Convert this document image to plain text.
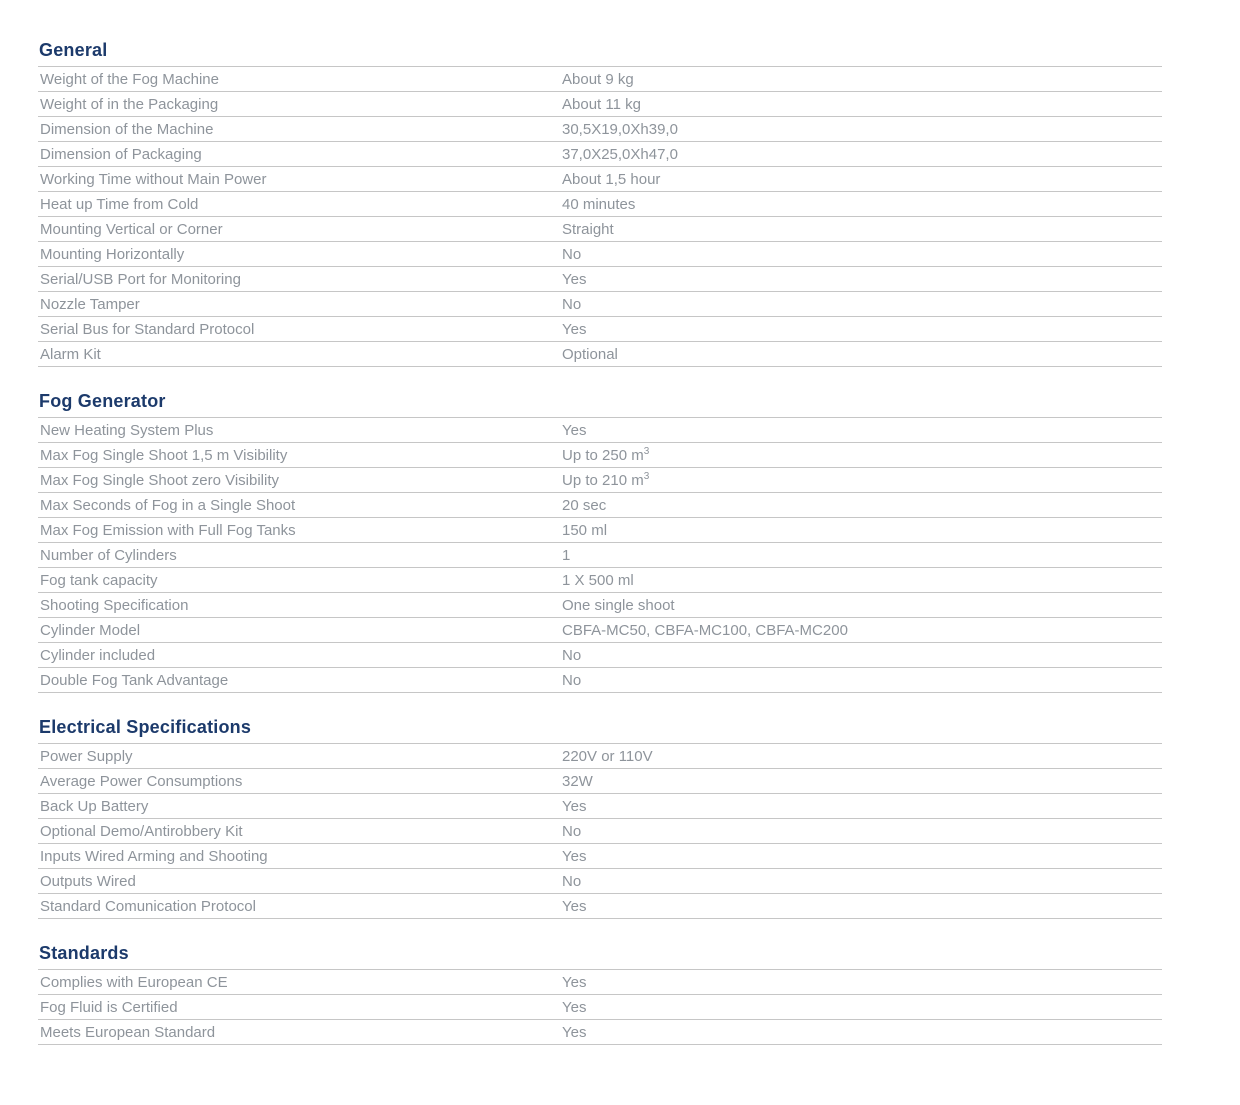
General
Weight of the Fog Machine	About 9 kg
Weight of in the Packaging	About 11 kg
Dimension of the Machine	30,5X19,0Xh39,0
Dimension of Packaging	37,0X25,0Xh47,0
Working Time without Main Power	About 1,5 hour
Heat up Time from Cold	40 minutes
Mounting Vertical or Corner	Straight
Mounting Horizontally	No
Serial/USB Port for Monitoring	Yes
Nozzle Tamper	No
Serial Bus for Standard Protocol	Yes
Alarm Kit	Optional
Fog Generator
New Heating System Plus	Yes
Max Fog Single Shoot 1,5 m Visibility	Up to 250 $m^3$
Max Fog Single Shoot zero Visibility	Up to 210 $m^3$
Max Seconds of Fog in a Single Shoot	20 sec
Max Fog Emission with Full Fog Tanks	150 ml
Number of Cylinders	1
Fog tank capacity	1 X 500 ml
Shooting Specification	One single shoot
Cylinder Model	CBFA-MC50, CBFA-MC100, CBFA-MC200
Cylinder included	No
Double Fog Tank Advantage	No
Electrical Specifications
Power Supply	220V or 110V
Average Power Consumptions	32W
Back Up Battery	Yes
Optional Demo/Antirobbery Kit	No
Inputs Wired Arming and Shooting	Yes
Outputs Wired	No
Standard Comunication Protocol	Yes
Standards
Complies with European CE	Yes
Fog Fluid is Certified	Yes
Meets European Standard	Yes
